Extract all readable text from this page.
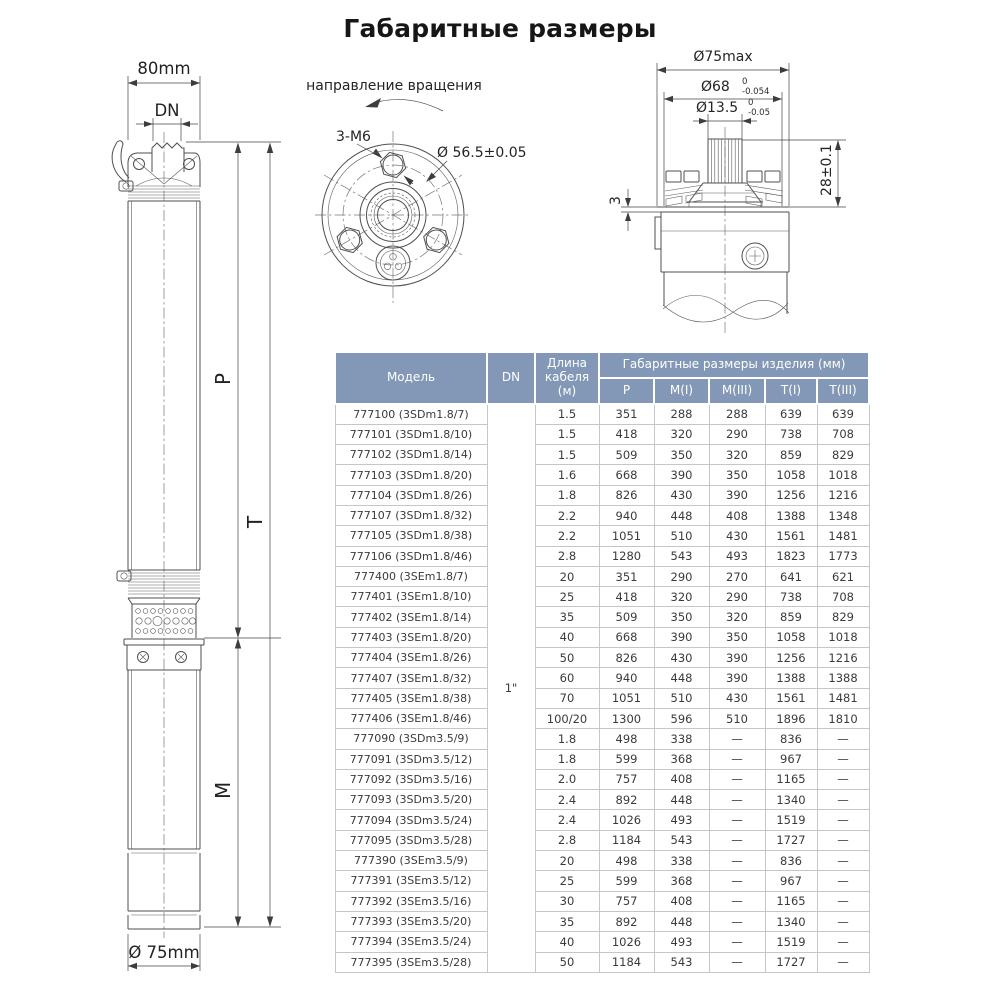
Габаритные размеры
80mm
DN
Ø 75mm
P
T
M
направление вращения
3-M6
Ø 56.5±0.05
Ø75max
Ø68 0
-0.054
Ø13.5 0
-0.05
3
28±0.1
Модель	DN	Длина кабеля (м)	Габаритные размеры изделия (мм)				
			P	M(I)	M(III)	T(I)	T(III)
777100 (3SDm1.8/7)	1"	1.5	351	288	288	639	639
777101 (3SDm1.8/10)		1.5	418	320	290	738	708
777102 (3SDm1.8/14)		1.5	509	350	320	859	829
777103 (3SDm1.8/20)		1.6	668	390	350	1058	1018
777104 (3SDm1.8/26)		1.8	826	430	390	1256	1216
777107 (3SDm1.8/32)		2.2	940	448	408	1388	1348
777105 (3SDm1.8/38)		2.2	1051	510	430	1561	1481
777106 (3SDm1.8/46)		2.8	1280	543	493	1823	1773
777400 (3SEm1.8/7)		20	351	290	270	641	621
777401 (3SEm1.8/10)		25	418	320	290	738	708
777402 (3SEm1.8/14)		35	509	350	320	859	829
777403 (3SEm1.8/20)		40	668	390	350	1058	1018
777404 (3SEm1.8/26)		50	826	430	390	1256	1216
777407 (3SEm1.8/32)		60	940	448	390	1388	1388
777405 (3SEm1.8/38)		70	1051	510	430	1561	1481
777406 (3SEm1.8/46)		100/20	1300	596	510	1896	1810
777090 (3SDm3.5/9)		1.8	498	338	—	836	—
777091 (3SDm3.5/12)		1.8	599	368	—	967	—
777092 (3SDm3.5/16)		2.0	757	408	—	1165	—
777093 (3SDm3.5/20)		2.4	892	448	—	1340	—
777094 (3SDm3.5/24)		2.4	1026	493	—	1519	—
777095 (3SDm3.5/28)		2.8	1184	543	—	1727	—
777390 (3SEm3.5/9)		20	498	338	—	836	—
777391 (3SEm3.5/12)		25	599	368	—	967	—
777392 (3SEm3.5/16)		30	757	408	—	1165	—
777393 (3SEm3.5/20)		35	892	448	—	1340	—
777394 (3SEm3.5/24)		40	1026	493	—	1519	—
777395 (3SEm3.5/28)		50	1184	543	—	1727	—
